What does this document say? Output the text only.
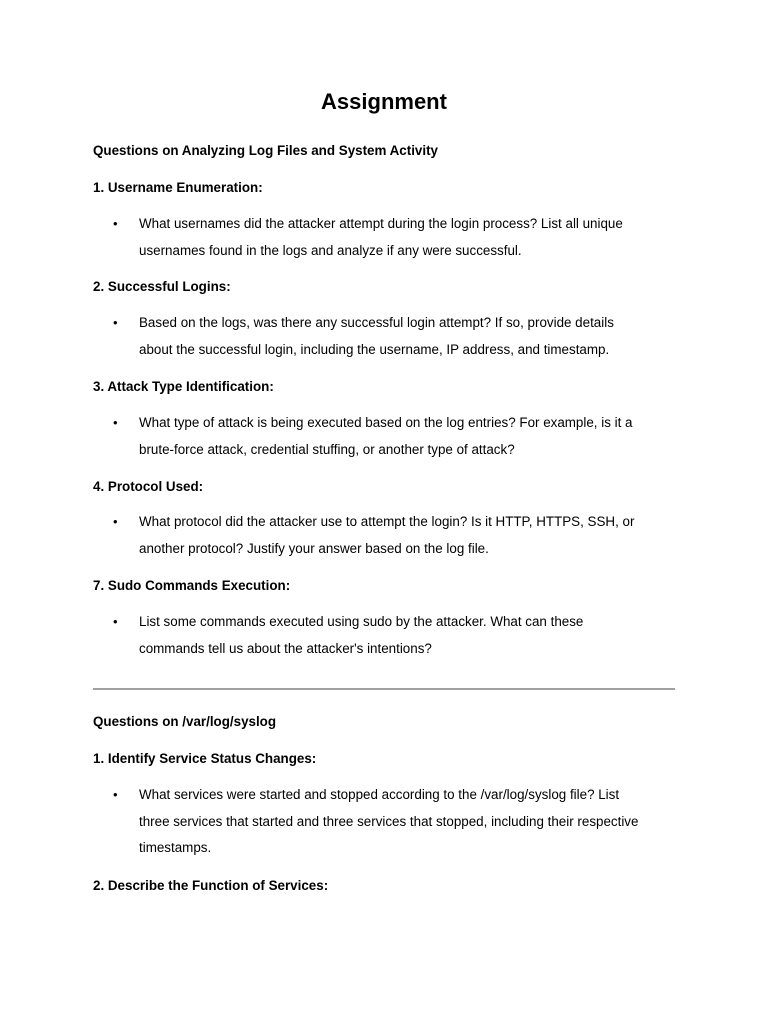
Assignment
Questions on Analyzing Log Files and System Activity
1. Username Enumeration:
•	What usernames did the attacker attempt during the login process? List all unique
usernames found in the logs and analyze if any were successful.
2. Successful Logins:
•	Based on the logs, was there any successful login attempt? If so, provide details
about the successful login, including the username, IP address, and timestamp.
3. Attack Type Identification:
•	What type of attack is being executed based on the log entries? For example, is it a
brute-force attack, credential stuffing, or another type of attack?
4. Protocol Used:
•	What protocol did the attacker use to attempt the login? Is it HTTP, HTTPS, SSH, or
another protocol? Justify your answer based on the log file.
7. Sudo Commands Execution:
•	List some commands executed using sudo by the attacker. What can these
commands tell us about the attacker's intentions?
Questions on /var/log/syslog
1. Identify Service Status Changes:
•	What services were started and stopped according to the /var/log/syslog file? List
three services that started and three services that stopped, including their respective
timestamps.
2. Describe the Function of Services:
